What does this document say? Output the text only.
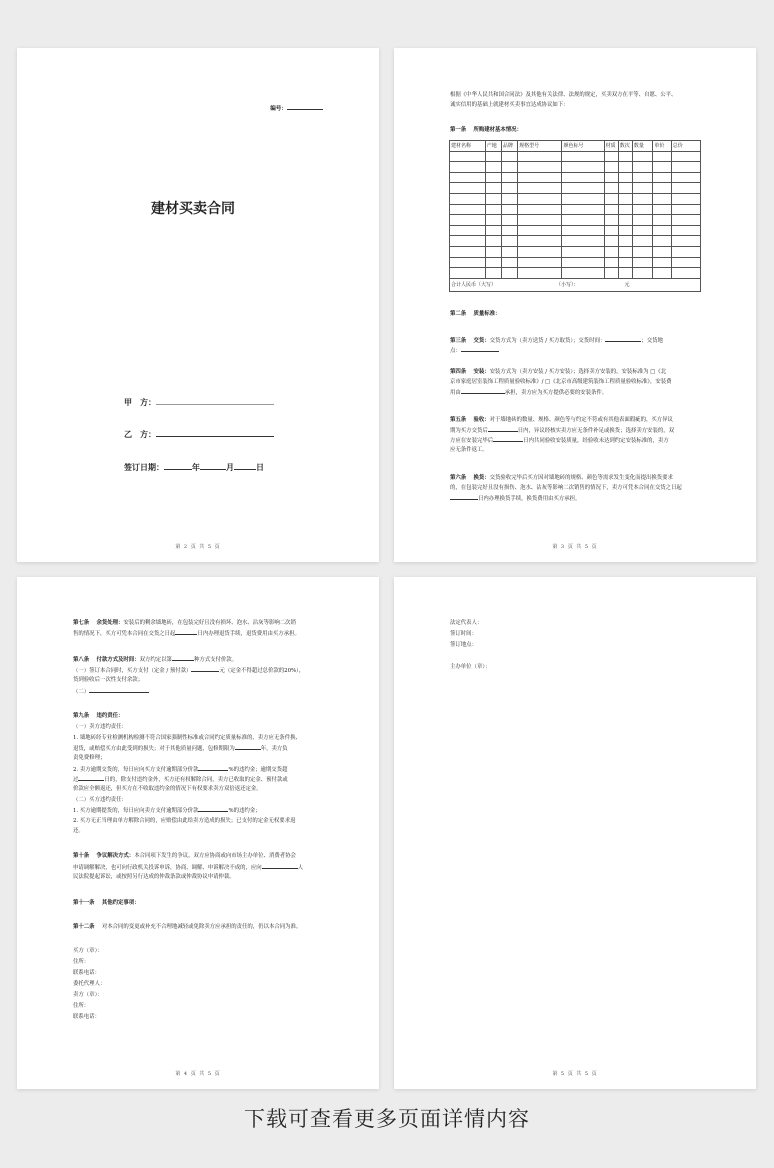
编号：
建材买卖合同
甲　方：
乙　方：
签订日期：	年	月	日
第 2 页 共 5 页
根据《中华人民共和国合同法》及其他有关法律、法规的规定，买卖双方在平等、自愿、公平、
诚实信用的基础上就建材买卖事宜达成协议如下：
第一条　 所购建材基本情况：
建材名称	产地	品牌	规格型号	颜色标号	材质	数次	数量	单价	总价

合计人民币（大写） （小写）： 元									
第二条　 质量标准：
第三条　 交货：交货方式为（卖方送货 / 买方取货）；交货时间：	；交货地
点：
第四条　 安装：安装方式为（卖方安装 / 买方安装）；选择卖方安装的，安装标准为 □《北
京市家庭居室装饰工程质量验收标准》/ □《北京市高级建筑装饰工程质量验收标准》，安装费
用由	承担，卖方应为买方提供必要的安装条件。
第五条　 验收：对于墙地砖的数量、规格、颜色等与约定不符或有其他表面瑕疵的，买方异议
期为买方交货后	日内，异议经核实卖方应无条件补足或换货；选择卖方安装的，双
方应在安装完毕后	日内共同验收安装质量，经验收未达到约定安装标准的，卖方
应无条件返工。
第六条　 换货：交货验收完毕后买方因对墙地砖的规格、颜色等需求发生变化而提出换货要求
的，在包装完好且没有损伤、泡水、沾灰等影响二次销售的情况下，卖方可凭本合同在交货之日起
日内办理换货手续，换货费用由买方承担。
第 3 页 共 5 页
第七条　 余货处理：安装后的剩余墙地砖，在包装完好且没有损坏、泡水、沾灰等影响二次销
售的情况下，买方可凭本合同在交货之日起	日内办理退货手续，退货费用由买方承担。
第八条　 付款方式及时间：双方约定以第	种方式支付价款。
（一）签订本合同时，买方支付（定金 / 预付款）	元（定金不得超过总价款的20%），
货到验收后一次性支付余款；
（二）
第九条　 违约责任：
（一）卖方违约责任：
1. 墙地砖经专业检测机构检测不符合国家强制性标准或合同约定质量标准的，卖方应无条件换、
退货，或赔偿买方由此受到的损失；对于其他质量问题，包修期限为	年，卖方负
责免费修理；
2. 卖方逾期交货的，每日应向买方支付逾期部分价款	%的违约金；逾期交货超
过	日的，除支付违约金外，买方还有权解除合同，卖方已收取的定金、预付款或
价款应全额返还，但买方在不收取违约金的情况下有权要求卖方双倍返还定金。
（二）买方违约责任：
1. 买方逾期提货的，每日应向卖方支付逾期部分价款	%的违约金；
2. 买方无正当理由单方解除合同的，应赔偿由此给卖方造成的损失；已支付的定金无权要求返
还。
第十条　 争议解决方式：本合同项下发生的争议，双方应协商或向市场主办单位、消费者协会
申请调解解决，也可向行政机关投诉申诉，协商、调解、申诉解决不成的，应向	人
民法院提起诉讼，或按照另行达成的仲裁条款或仲裁协议申请仲裁。
第十一条　 其他约定事项：
第十二条　 对本合同的变更或补充不合理地减轻或免除卖方应承担的责任的，仍以本合同为准。
买方（章）：
住所：
联系电话：
委托代理人：
卖方（章）：
住所：
联系电话：
第 4 页 共 5 页
法定代表人：
签订时间：
签订地点：
主办单位（章）：
第 5 页 共 5 页
下载可查看更多页面详情内容
